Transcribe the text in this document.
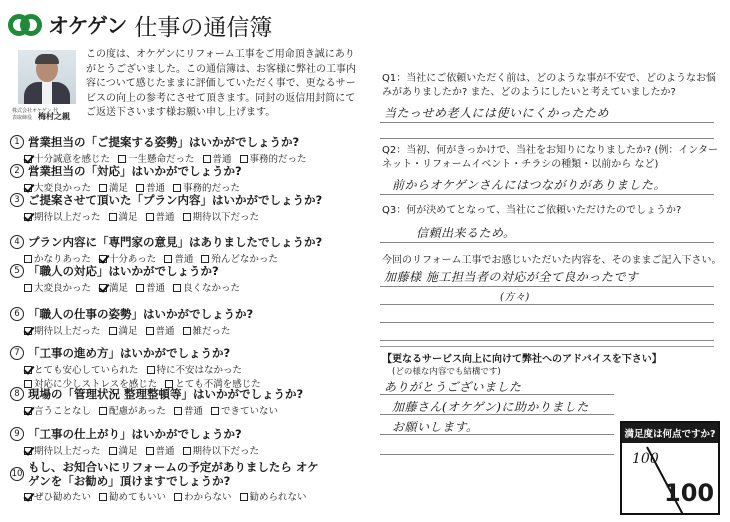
オケゲン 仕事の通信簿
株式会社オケゲン 代表取締役 梅村之親
この度は、オケゲンにリフォーム工事をご用命頂き誠にありがとうございました。この通信簿は、お客様に弊社の工事内容について感じたままに評価していただく事で、更なるサービスの向上の参考にさせて頂きます。同封の返信用封筒にてご返送下さいます様お願い申し上げます。
1 営業担当の「ご提案する姿勢」はいかがでしょうか?
十分誠意を感じた	一生懸命だった	普通	事務的だった
2 営業担当の「対応」はいかがでしょうか?
大変良かった	満足	普通	事務的だった
3 ご提案させて頂いた「プラン内容」はいかがでしょうか?
期待以上だった	満足	普通	期待以下だった
4 プラン内容に「専門家の意見」はありましたでしょうか?
かなりあった	十分あった	普通	殆んどなかった
5 「職人の対応」はいかがでしょうか?
大変良かった	満足	普通	良くなかった
6 「職人の仕事の姿勢」はいかがでしょうか?
期待以上だった	満足	普通	雑だった
7 「工事の進め方」はいかがでしょうか?
とても安心していられた	特に不安はなかった
対応に少しストレスを感じた	とても不満を感じた
8 現場の「管理状況 整理整頓等」はいかがでしょうか?
言うことなし	配慮があった	普通	できていない
9 「工事の仕上がり」はいかがでしょうか?
期待以上だった	満足	普通	期待以下だった
10 もし、お知合いにリフォームの予定がありましたら オケゲンを「お勧め」頂けますでしょうか?
ぜひ勧めたい	勧めてもいい	わからない	勧められない
Q1：当社にご依頼いただく前は、どのような事が不安で、どのようなお悩みがありましたか? また、どのようにしたいと考えていましたか?
当たっせめ老人には使いにくかったため
Q2：当初、何がきっかけで、当社をお知りになりましたか? (例：インターネット・リフォームイベント・チラシの種類・以前から など)
前からオケゲンさんにはつながりがありました。
Q3：何が決めてとなって、当社にご依頼いただけたのでしょうか?
信頼出来るため。
今回のリフォーム工事でお感じいただいた内容を、そのままご記入下さい。
加藤様 施工担当者の対応が全て良かったです
(方々)
【更なるサービス向上に向けて弊社へのアドバイスを下さい】
(どの様な内容でも結構です)
ありがとうございました
加藤さん(オケゲン)に助かりました
お願いします。
満足度は何点ですか?
100
100
